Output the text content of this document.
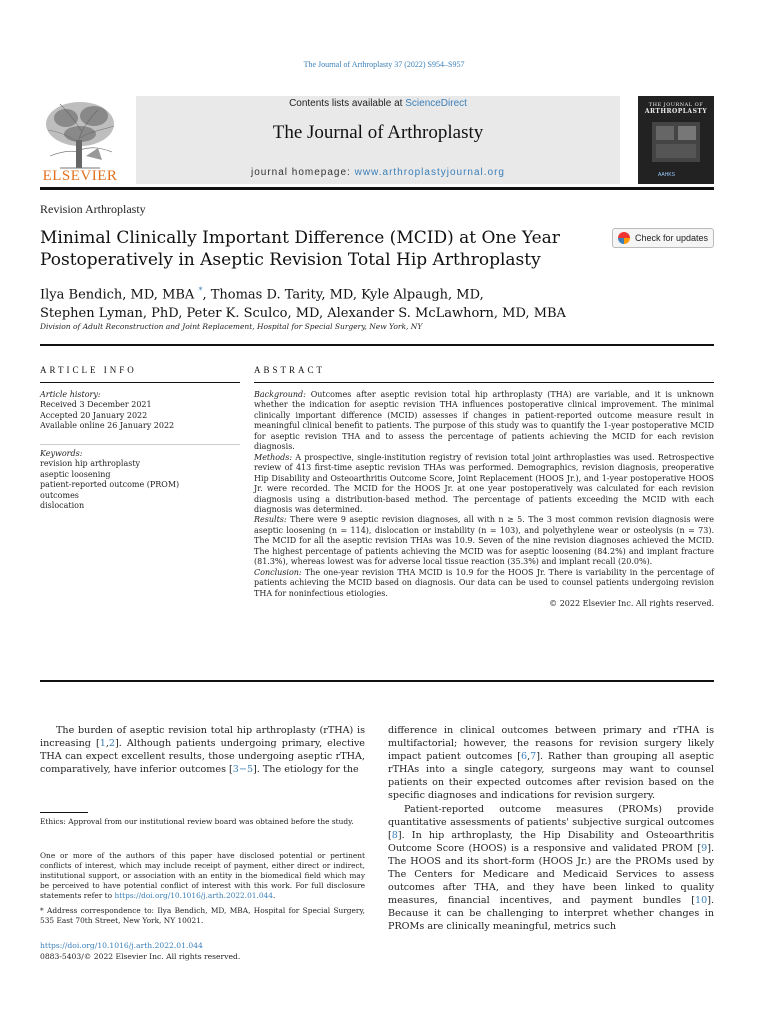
The Journal of Arthroplasty 37 (2022) S954–S957
ELSEVIER
Contents lists available at ScienceDirect
The Journal of Arthroplasty
journal homepage: www.arthroplastyjournal.org
THE JOURNAL OF
ARTHROPLASTY
AAHKS
Revision Arthroplasty
Minimal Clinically Important Difference (MCID) at One Year Postoperatively in Aseptic Revision Total Hip Arthroplasty
Check for updates
Ilya Bendich, MD, MBA *, Thomas D. Tarity, MD, Kyle Alpaugh, MD,
Stephen Lyman, PhD, Peter K. Sculco, MD, Alexander S. McLawhorn, MD, MBA
Division of Adult Reconstruction and Joint Replacement, Hospital for Special Surgery, New York, NY
ARTICLE INFO
Article history:
Received 3 December 2021
Accepted 20 January 2022
Available online 26 January 2022
Keywords:
revision hip arthroplasty
aseptic loosening
patient-reported outcome (PROM)
outcomes
dislocation
ABSTRACT

Background: Outcomes after aseptic revision total hip arthroplasty (THA) are variable, and it is unknown whether the indication for aseptic revision THA influences postoperative clinical improvement. The minimal clinically important difference (MCID) assesses if changes in patient-reported outcome measure result in meaningful clinical benefit to patients. The purpose of this study was to quantify the 1-year postoperative MCID for aseptic revision THA and to assess the percentage of patients achieving the MCID for each revision diagnosis.

Methods: A prospective, single-institution registry of revision total joint arthroplasties was used. Retrospective review of 413 first-time aseptic revision THAs was performed. Demographics, revision diagnosis, preoperative Hip Disability and Osteoarthritis Outcome Score, Joint Replacement (HOOS Jr.), and 1-year postoperative HOOS Jr. were recorded. The MCID for the HOOS Jr. at one year postoperatively was calculated for each revision diagnosis using a distribution-based method. The percentage of patients exceeding the MCID with each diagnosis was determined.

Results: There were 9 aseptic revision diagnoses, all with n ≥ 5. The 3 most common revision diagnosis were aseptic loosening (n = 114), dislocation or instability (n = 103), and polyethylene wear or osteolysis (n = 73). The MCID for all the aseptic revision THAs was 10.9. Seven of the nine revision diagnoses achieved the MCID. The highest percentage of patients achieving the MCID was for aseptic loosening (84.2%) and implant fracture (81.3%), whereas lowest was for adverse local tissue reaction (35.3%) and implant recall (20.0%).

Conclusion: The one-year revision THA MCID is 10.9 for the HOOS Jr. There is variability in the percentage of patients achieving the MCID based on diagnosis. Our data can be used to counsel patients undergoing revision THA for noninfectious etiologies.

© 2022 Elsevier Inc. All rights reserved.

The burden of aseptic revision total hip arthroplasty (rTHA) is increasing [1,2]. Although patients undergoing primary, elective THA can expect excellent results, those undergoing aseptic rTHA, comparatively, have inferior outcomes [3−5]. The etiology for the

difference in clinical outcomes between primary and rTHA is multifactorial; however, the reasons for revision surgery likely impact patient outcomes [6,7]. Rather than grouping all aseptic rTHAs into a single category, surgeons may want to counsel patients on their expected outcomes after revision based on the specific diagnoses and indications for revision surgery.

Patient-reported outcome measures (PROMs) provide quantitative assessments of patients' subjective surgical outcomes [8]. In hip arthroplasty, the Hip Disability and Osteoarthritis Outcome Score (HOOS) is a responsive and validated PROM [9]. The HOOS and its short-form (HOOS Jr.) are the PROMs used by The Centers for Medicare and Medicaid Services to assess outcomes after THA, and they have been linked to quality measures, financial incentives, and payment bundles [10]. Because it can be challenging to interpret whether changes in PROMs are clinically meaningful, metrics such

Ethics: Approval from our institutional review board was obtained before the study.
One or more of the authors of this paper have disclosed potential or pertinent conflicts of interest, which may include receipt of payment, either direct or indirect, institutional support, or association with an entity in the biomedical field which may be perceived to have potential conflict of interest with this work. For full disclosure statements refer to https://doi.org/10.1016/j.arth.2022.01.044.
* Address correspondence to: Ilya Bendich, MD, MBA, Hospital for Special Surgery, 535 East 70th Street, New York, NY 10021.
https://doi.org/10.1016/j.arth.2022.01.044
0883-5403/© 2022 Elsevier Inc. All rights reserved.
